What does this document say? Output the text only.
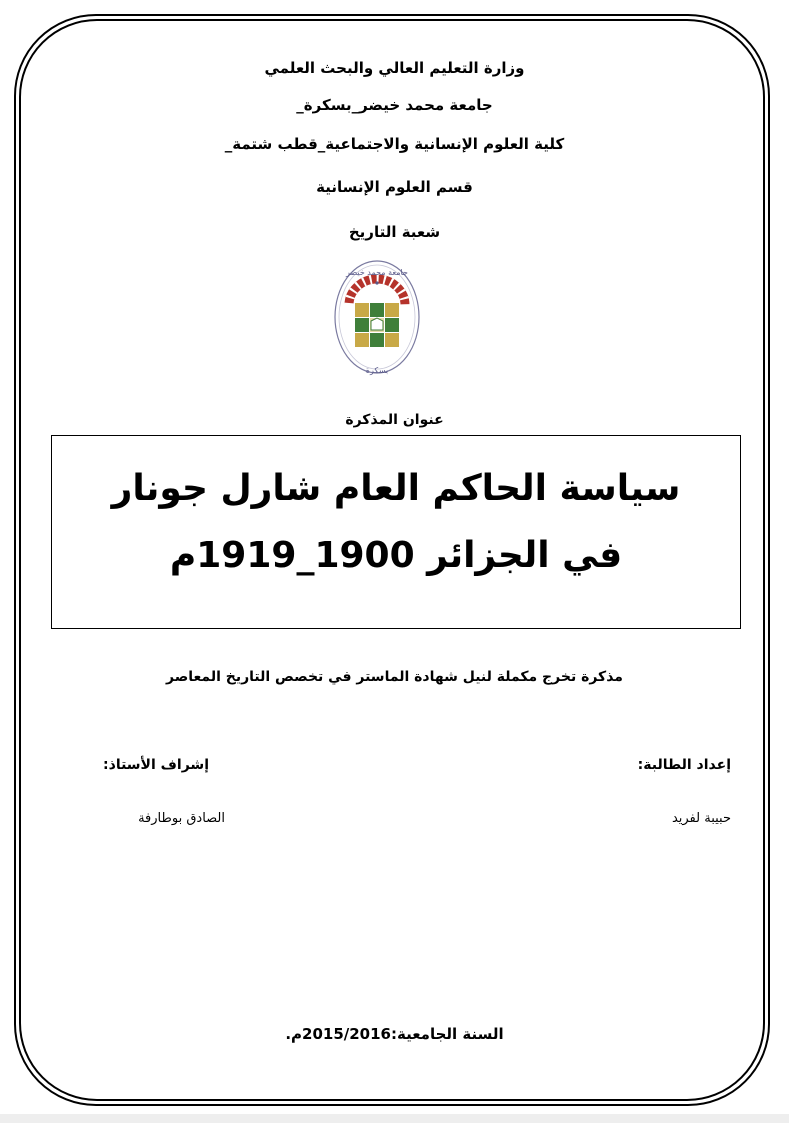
وزارة التعليم العالي والبحث العلمي
جامعة محمد خيضر_بسكرة_
كلية العلوم الإنسانية والاجتماعية_قطب شتمة_
قسم العلوم الإنسانية
شعبة التاريخ
جامعة محمد خيضر
بسكرة
عنوان المذكرة
سياسة الحاكم العام شارل جونار
في الجزائر 1900_1919م
مذكرة تخرج مكملة لنيل شهادة الماستر في تخصص التاريخ المعاصر
إعداد الطالبة:
إشراف الأستاذ:
حبيبة لفريد
الصادق بوطارفة
السنة الجامعية:2015/2016م.
